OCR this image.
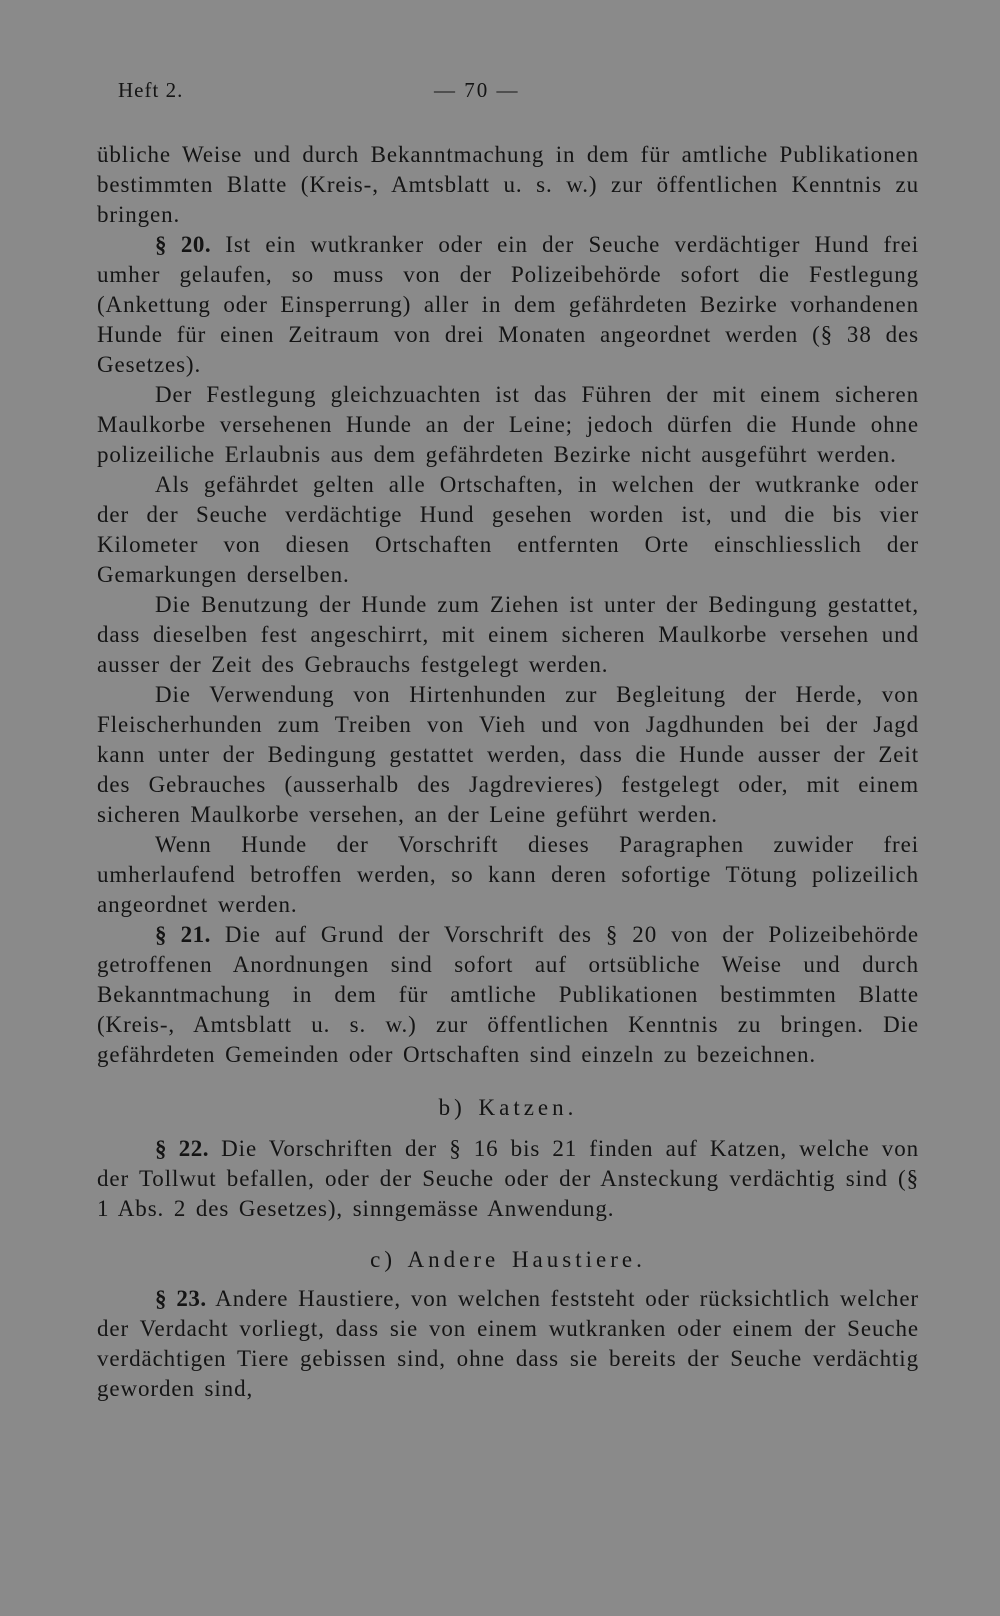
Heft 2.	— 70 —

übliche Weise und durch Bekanntmachung in dem für amtliche Publikationen bestimmten Blatte (Kreis-, Amtsblatt u. s. w.) zur öffentlichen Kenntnis zu bringen.

§ 20. Ist ein wutkranker oder ein der Seuche verdächtiger Hund frei umher gelaufen, so muss von der Polizeibehörde sofort die Festlegung (Ankettung oder Einsperrung) aller in dem gefährdeten Bezirke vorhandenen Hunde für einen Zeitraum von drei Monaten angeordnet werden (§ 38 des Gesetzes).

Der Festlegung gleichzuachten ist das Führen der mit einem sicheren Maulkorbe versehenen Hunde an der Leine; jedoch dürfen die Hunde ohne polizeiliche Erlaubnis aus dem gefährdeten Bezirke nicht ausgeführt werden.

Als gefährdet gelten alle Ortschaften, in welchen der wutkranke oder der der Seuche verdächtige Hund gesehen worden ist, und die bis vier Kilometer von diesen Ortschaften entfernten Orte einschliesslich der Gemarkungen derselben.

Die Benutzung der Hunde zum Ziehen ist unter der Bedingung gestattet, dass dieselben fest angeschirrt, mit einem sicheren Maulkorbe versehen und ausser der Zeit des Gebrauchs festgelegt werden.

Die Verwendung von Hirtenhunden zur Begleitung der Herde, von Fleischerhunden zum Treiben von Vieh und von Jagdhunden bei der Jagd kann unter der Bedingung gestattet werden, dass die Hunde ausser der Zeit des Gebrauches (ausserhalb des Jagdrevieres) festgelegt oder, mit einem sicheren Maulkorbe versehen, an der Leine geführt werden.

Wenn Hunde der Vorschrift dieses Paragraphen zuwider frei umherlaufend betroffen werden, so kann deren sofortige Tötung polizeilich angeordnet werden.

§ 21. Die auf Grund der Vorschrift des § 20 von der Polizeibehörde getroffenen Anordnungen sind sofort auf ortsübliche Weise und durch Bekanntmachung in dem für amtliche Publikationen bestimmten Blatte (Kreis-, Amtsblatt u. s. w.) zur öffentlichen Kenntnis zu bringen. Die gefährdeten Gemeinden oder Ortschaften sind einzeln zu bezeichnen.

b) Katzen.

§ 22. Die Vorschriften der § 16 bis 21 finden auf Katzen, welche von der Tollwut befallen, oder der Seuche oder der Ansteckung verdächtig sind (§ 1 Abs. 2 des Gesetzes), sinngemässe Anwendung.

c) Andere Haustiere.

§ 23. Andere Haustiere, von welchen feststeht oder rücksichtlich welcher der Verdacht vorliegt, dass sie von einem wutkranken oder einem der Seuche verdächtigen Tiere gebissen sind, ohne dass sie bereits der Seuche verdächtig geworden sind,
